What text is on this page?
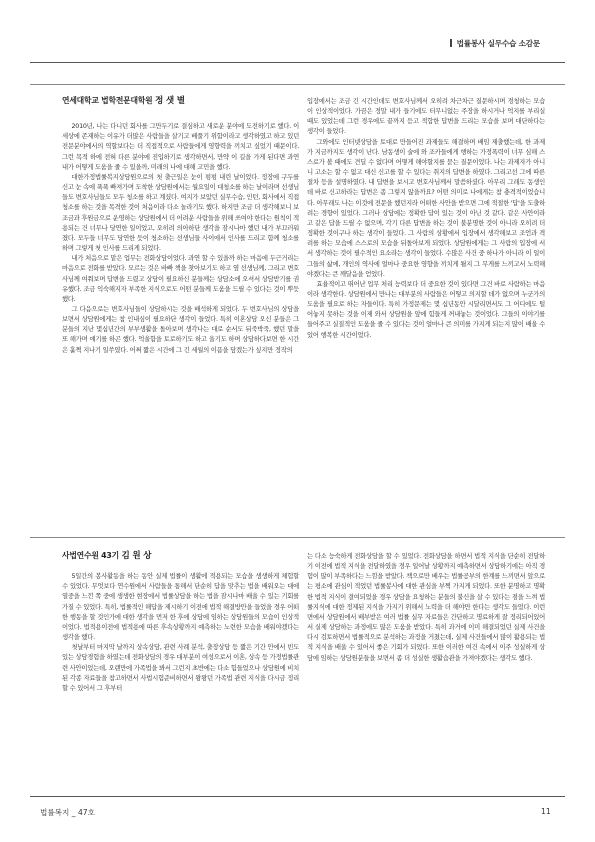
법률봉사 실무수습 소감문
연세대학교 법학전문대학원 정 샛 별

2010년, 나는 다니던 회사를 그만두기로 결심하고 새로운 분야에 도전하기로 했다. 이 세상에 존재하는 이유가 더많은 사람들을 살기고 베풀기 위함이라고 생각하였고 하고 있던 전문분야에서의 역할보다는 더 직접적으로 사람들에게 영향력을 끼치고 싶었기 때문이다. 그런 목적 하에 전혀 다른 분야에 진입하기로 생각하면서, 만약 이 길을 가게 된다면 과연 내가 어떻게 도움을 줄 수 있을까, 미래의 나에 대해 고민을 했다.

대한가정법률복지상담원으로의 첫 출근일은 눈이 펑펑 내린 날이었다. 정장에 구두를 신고 눈 속에 푹푹 빠져가며 도착한 상담원에서는 월요일이 대청소를 하는 날이라며 선생님들도 변호사님들도 모두 청소를 하고 계셨다. 여지가 보았던 실무수습, 인턴, 회사에서 직접 청소를 하는 것을 목격한 것이 처음이라 다소 놀라기도 했다. 하지만 조금 더 생각해보니 보조금과 후원금으로 운영하는 상담원에서 더 어려운 사람들을 위해 쓰여야 한다는 원칙이 적용되는 건 너무나 당연한 일이었고, 오히려 의아하단 생각을 잠시나마 했던 내가 부끄러워졌다. 모두들 너무도 당연한 듯이 청소하는 선생님들 사이에서 인사를 드리고 함께 청소를 하며 그렇게 첫 인사를 드리게 되었다.

내가 처음으로 맡은 업무는 전화상담이었다. 과연 할 수 있을까 하는 마음에 두근거리는 마음으로 전화를 받았다. 모르는 것은 바빠 책을 찾아보기도 하고 옆 선생님께, 그리고 변호사님께 여쭤보며 답변을 드렸고 상담이 필요하신 분들께는 상담소에 오셔서 상담받기를 권유했다. 조금 익숙해지자 부족한 지식으로도 어떤 분들께 도움을 드릴 수 있다는 것이 뿌듯했다.

그 다음으로는 변호사님들이 상담하시는 것을 배석하게 되었다. 두 번호사님의 상담을 보면서 상담원에게는 참 인내심이 필요하단 생각이 들었다. 특히 이혼상담 오신 분들은 그분들의 지난 몇십년간의 부부생활을 돌아보며 생각나는 대로 순서도 뒤죽박죽, 했던 말을 또 해가며 얘기를 하곤 했다. 억울함을 토로하기도 하고 울기도 하며 상담하다보면 한 시간은 훌쩍 지나기 일쑤였다. 어쩌 짧은 시간에 그 긴 세월의 이픔을 담겠는가 싶지만 정작의

입장에서는 조금 긴 시간인데도 변호사님께서 오히려 차근차근 질문하시며 경청하는 모습이 인상적이었다. 가끔은 정말 내가 들기에도 터무니없는 주장을 하시거나 억지를 부리실 때도 있었는데 그런 경우에도 끝까지 듣고 적합한 답변을 드리는 모습을 보며 대단하다는 생각이 들었다.

그와에도 인터넷상담을 토대로 만들어진 과제들도 해결하며 배임 제출했는데, 한 과제가 지금까지도 생각이 난다. 남동생이 술에 와 조카들에게 행하는 가정폭력이 너무 심해 스스로가 볼 때에도 견딜 수 없다며 어떻게 해야할지를 묻는 질문이었다. 나는 과제자가 아니니 고소는 할 수 없고 대신 신고를 할 수 있다는 취지의 답변을 하였다. 그리고선 그에 따른 절차 등을 설명하였다. 내 답변을 보시고 변호사님께서 말씀하셨다. 아무리 그래도 동생인데 바로 신고하라는 답변은 좀 그렇지 않을까요? 어떤 의미로 나에게는 참 충격적이었습니다. 아무래도 나는 이것에 전문을 했던지라 어떠한 사안을 받으면 그에 적절한 '답'을 도출하려는 경향이 있었다. 그러나 상담에는 정확한 답이 있는 것이 아닌 것 같다. 같은 사안이라고 같은 답을 드릴 수 없으며, 각기 다른 답변을 하는 것이 불분명한 것이 아니라 오히려 더 정확한 것이구나 하는 생각이 들었다. 그 사람의 상황에서 입장에서 생각해보고 조언과 격려를 하는 모습에 스스로의 모습을 뒤돌아보게 되었다. 상담원에게는 그 사람의 입장에 서서 생각하는 것이 필수적인 요소라는 생각이 들었다. 수많은 사건 중 하나가 아니라 이 일이 그들의 삶에, 개인의 역사에 얼마나 중요한 영향을 끼치게 될지 그 무게를 느끼고서 노력해야겠다는 큰 깨달음을 얻었다.

효율적이고 뛰어난 업무 처리 능력보다 더 중요한 것이 있다면 그건 바로 사람하는 마음이라 생각한다. 상담원에서 만나는 대부분의 사람들은 어떻고 의지할 데가 없으며 누군가의 도움을 필요로 하는 자들이다. 특히 가정문제는 몇 십년동안 시달리면서도 그 어디에도 털어놓지 못하는 것을 이제 와서 상담원을 앞에 힘들게 꺼내놓는 것이었다. 그들의 이야기를 들어주고 실질적인 도움을 줄 수 있다는 것이 얼마나 큰 의미를 가지게 되는지 많이 배울 수 있어 행복한 시간이었다.

사법연수원 43기 김 원 상

5일간의 봉사활동을 하는 동안 실제 법률이 생활에 적용되는 모습을 생생하게 체험할 수 있었다. 무엇보다 연수원에서 사람들을 통해서 단순히 답을 맞추는 법을 배워오는 대에 열중을 느낀 쪽 중에 생생한 현장에서 법률상담을 하는 법을 잠시나마 배울 수 있는 기회를 가질 수 있었다. 특히, 법률적인 해답을 제시하기 이전에 법적 해결방안을 들었을 경우 어떠한 행동을 할 것인가에 대한 생각을 먼저 한 후에 상담에 임하는 상담원들의 모습이 인상적이었다. 법적용이전에 법적용에 따른 후속상황까지 예측하는 노련한 모습을 배워야겠다는 생각을 했다.

첫날부터 마지막 날까지 상속상담, 관련 사례 분석, 출장상담 등 짧은 기간 안에서 빈도있는 상담경험을 하였는데 전화상담의 경우 대부분이 여성으로서 이혼, 상속 등 가정법률관련 사안이었는데, 오랜만에 가족법을 봐서 그런지 초반에는 다소 힘들었으나 상담원에 비치된 각종 자료들을 참고하면서 사법시험준비하면서 왕왕던 가족법 관련 지식을 다시금 정리할 수 있어서 그 후부터

는 다소 능숙하게 전화상담을 할 수 있었다. 전화상담을 하면서 법적 지식을 단순히 전달하기 이전에 법적 지식을 전달하였을 경우 일어날 상황까지 예측하면서 상담하기에는 아직 경험이 많이 부족하다는 느낌을 받았다. 책으로만 배우는 법률공부의 한계를 느끼면서 앞으로는 평소에 관심이 적었던 법률봉사에 대한 관심을 부쩍 가지게 되었다. 또한 분명하고 명확한 법적 지식이 결여되었을 경우 상담을 요청하는 분들의 불신을 살 수 있다는 점을 느껴 법률지식에 대한 정제된 지식을 가지기 위해서 노력을 더 해야만 한다는 생각도 들었다. 이런 면에서 상담원에서 배부받은 여러 법률 실무 자료들은 간단하고 명료하게 잘 정리되어있어서 실제 상담하는 과정에도 많은 도움을 받았다. 특히 과거에 이미 해결되었던 실제 사건을 다시 검토하면서 법률적으로 분석하는 과정을 거쳤는데, 실제 사건들에서 많이 활용되는 법적 지식을 배울 수 있어서 좋은 기회가 되었다. 또한 이러한 여건 속에서 이주 성실하게 상담에 임하는 상담원분들을 보면서 좀 더 성실한 생활습관을 가져야겠다는 생각도 했다.

법률복지 _ 47호	11
